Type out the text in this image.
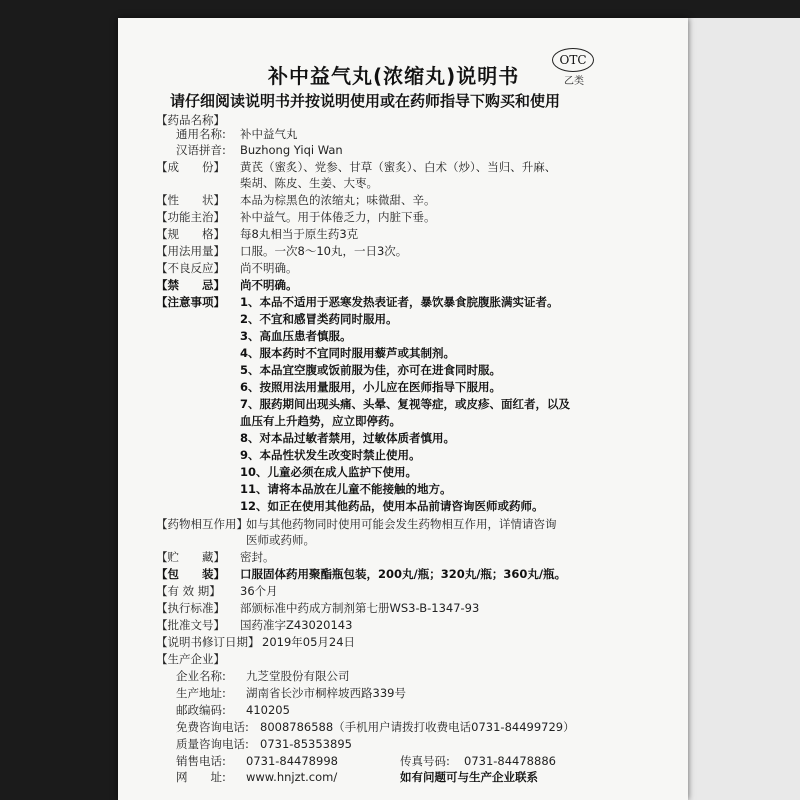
补中益气丸(浓缩丸)说明书
OTC
乙类
请仔细阅读说明书并按说明使用或在药师指导下购买和使用
【药品名称】
通用名称: 补中益气丸
汉语拼音: Buzhong Yiqi Wan
【成　　份】 黄芪（蜜炙）、党参、甘草（蜜炙）、白术（炒）、当归、升麻、
柴胡、陈皮、生姜、大枣。
【性　　状】 本品为棕黑色的浓缩丸；味微甜、辛。
【功能主治】 补中益气。用于体倦乏力，内脏下垂。
【规　　格】 每8丸相当于原生药3克
【用法用量】 口服。一次8～10丸，一日3次。
【不良反应】 尚不明确。
【禁　　忌】 尚不明确。
【注意事项】 1、本品不适用于恶寒发热表证者，暴饮暴食脘腹胀满实证者。
2、不宜和感冒类药同时服用。
3、高血压患者慎服。
4、服本药时不宜同时服用藜芦或其制剂。
5、本品宜空腹或饭前服为佳，亦可在进食同时服。
6、按照用法用量服用，小儿应在医师指导下服用。
7、服药期间出现头痛、头晕、复视等症，或皮疹、面红者，以及
血压有上升趋势，应立即停药。
8、对本品过敏者禁用，过敏体质者慎用。
9、本品性状发生改变时禁止使用。
10、儿童必须在成人监护下使用。
11、请将本品放在儿童不能接触的地方。
12、如正在使用其他药品，使用本品前请咨询医师或药师。
【药物相互作用】
如与其他药物同时使用可能会发生药物相互作用，详情请咨询
医师或药师。
【贮　　藏】 密封。
【包　　装】 口服固体药用聚酯瓶包装，200丸/瓶；320丸/瓶；360丸/瓶。
【有 效 期】 36个月
【执行标准】 部颁标准中药成方制剂第七册WS3-B-1347-93
【批准文号】 国药准字Z43020143
【说明书修订日期】 2019年05月24日
【生产企业】
企业名称: 九芝堂股份有限公司
生产地址: 湖南省长沙市桐梓坡西路339号
邮政编码: 410205
免费咨询电话: 8008786588（手机用户请拨打收费电话0731-84499729）
质量咨询电话: 0731-85353895
销售电话: 0731-84478998	传真号码: 0731-84478886
网　　址: www.hnjzt.com/	如有问题可与生产企业联系
